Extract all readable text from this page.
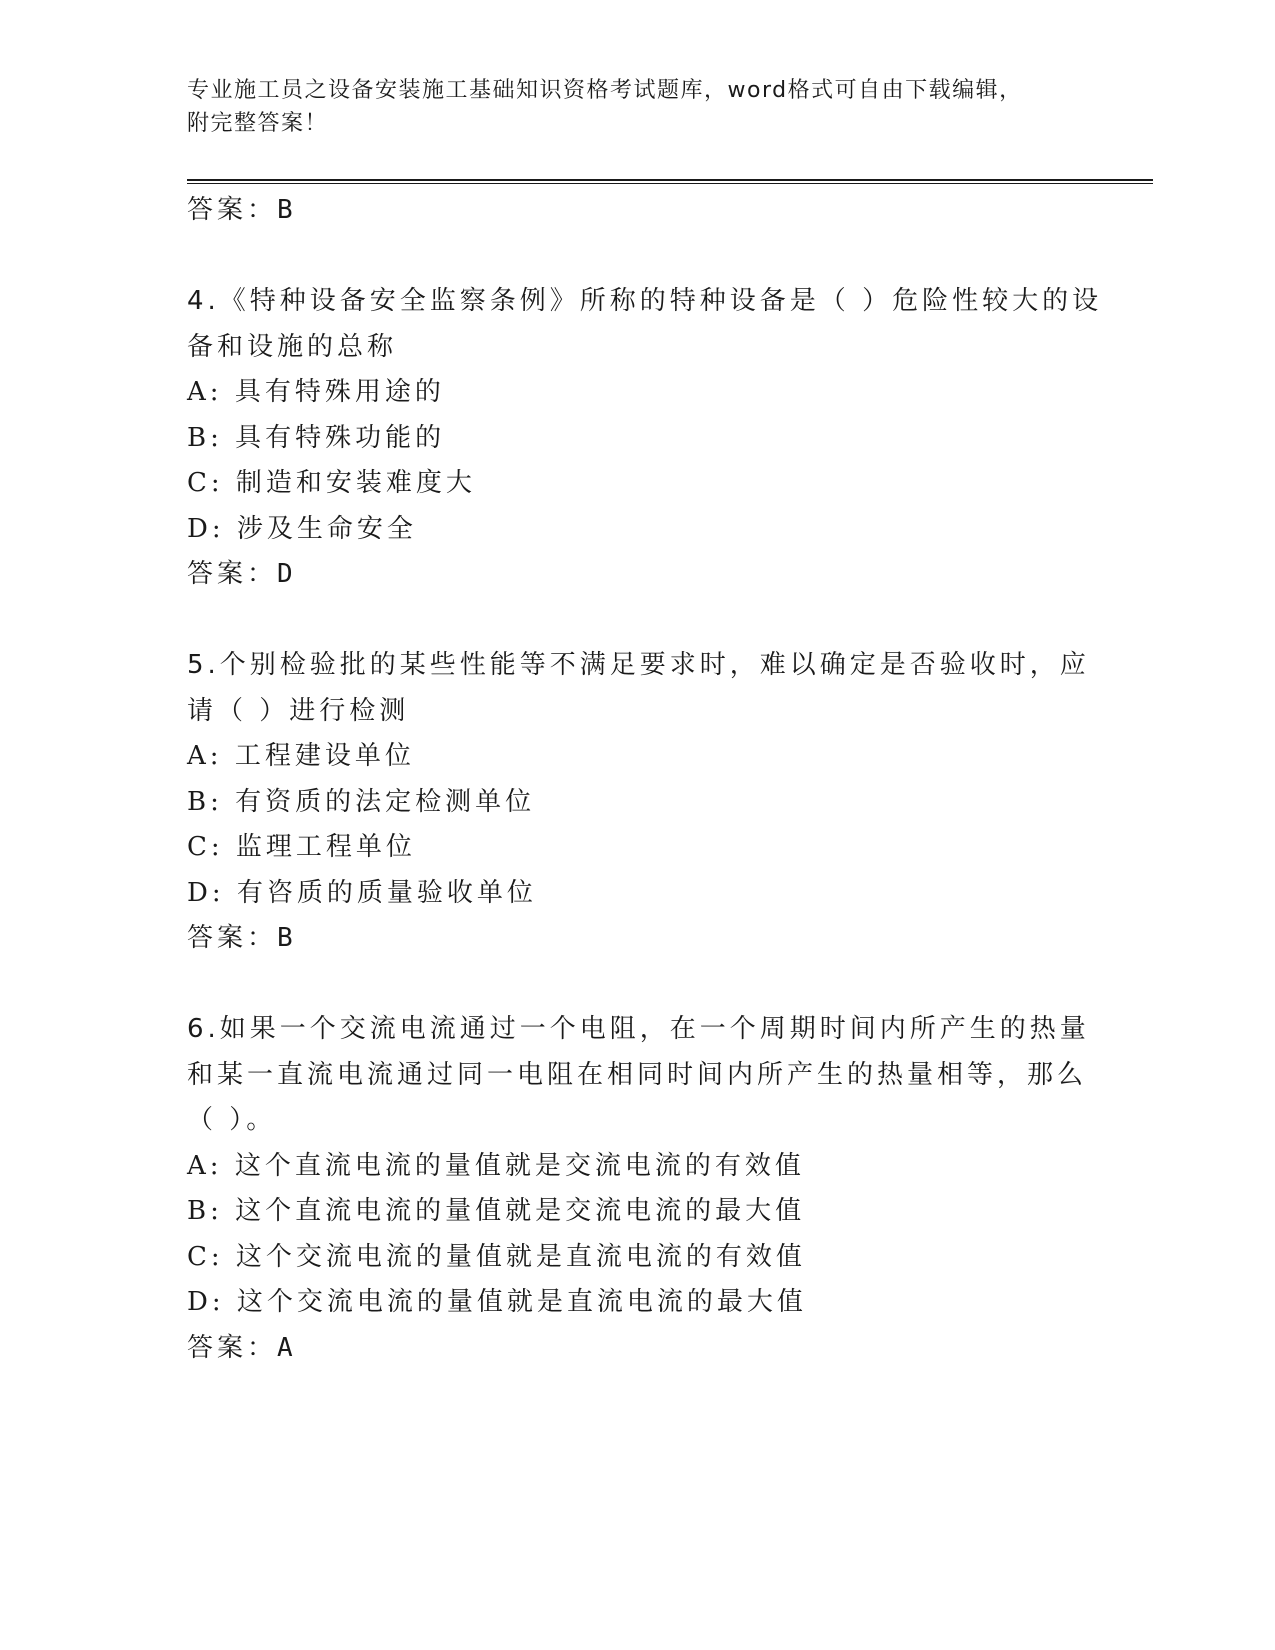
专业施工员之设备安装施工基础知识资格考试题库，word格式可自由下载编辑，
附完整答案！
答案：B
4.《特种设备安全监察条例》所称的特种设备是（ ）危险性较大的设
备和设施的总称
A: 具有特殊用途的
B: 具有特殊功能的
C: 制造和安装难度大
D: 涉及生命安全
答案：D
5.个别检验批的某些性能等不满足要求时，难以确定是否验收时，应
请（ ）进行检测
A: 工程建设单位
B: 有资质的法定检测单位
C: 监理工程单位
D: 有咨质的质量验收单位
答案：B
6.如果一个交流电流通过一个电阻，在一个周期时间内所产生的热量
和某一直流电流通过同一电阻在相同时间内所产生的热量相等，那么
（ ）。
A: 这个直流电流的量值就是交流电流的有效值
B: 这个直流电流的量值就是交流电流的最大值
C: 这个交流电流的量值就是直流电流的有效值
D: 这个交流电流的量值就是直流电流的最大值
答案：A
